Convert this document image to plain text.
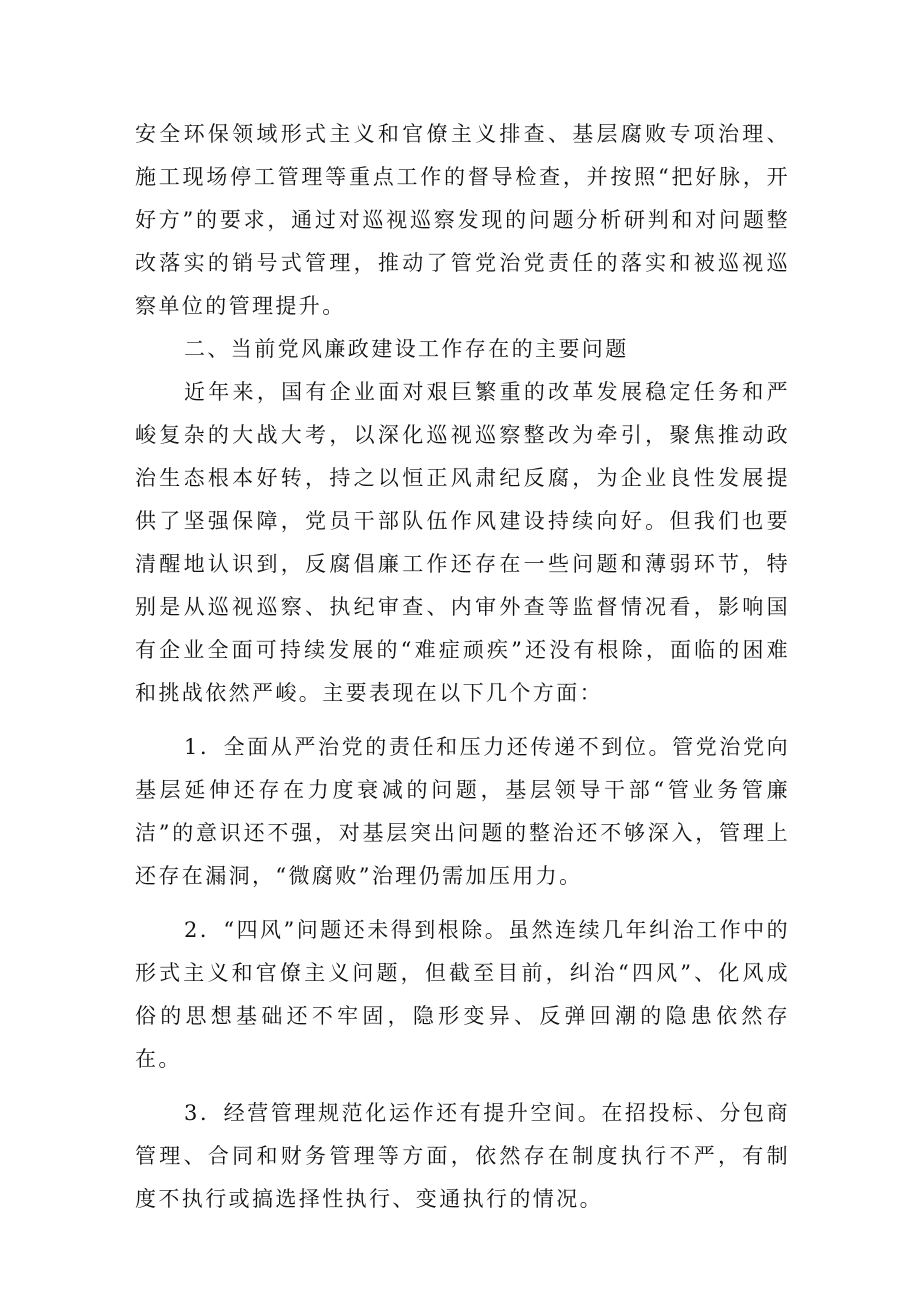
安全环保领域形式主义和官僚主义排查、基层腐败专项治理、施工现场停工管理等重点工作的督导检查，并按照“把好脉，开好方”的要求，通过对巡视巡察发现的问题分析研判和对问题整改落实的销号式管理，推动了管党治党责任的落实和被巡视巡察单位的管理提升。

二、当前党风廉政建设工作存在的主要问题

近年来，国有企业面对艰巨繁重的改革发展稳定任务和严峻复杂的大战大考，以深化巡视巡察整改为牵引，聚焦推动政治生态根本好转，持之以恒正风肃纪反腐，为企业良性发展提供了坚强保障，党员干部队伍作风建设持续向好。但我们也要清醒地认识到，反腐倡廉工作还存在一些问题和薄弱环节，特别是从巡视巡察、执纪审查、内审外查等监督情况看，影响国有企业全面可持续发展的“难症顽疾”还没有根除，面临的困难和挑战依然严峻。主要表现在以下几个方面：

1．全面从严治党的责任和压力还传递不到位。管党治党向基层延伸还存在力度衰减的问题，基层领导干部“管业务管廉洁”的意识还不强，对基层突出问题的整治还不够深入，管理上还存在漏洞，“微腐败”治理仍需加压用力。

2．“四风”问题还未得到根除。虽然连续几年纠治工作中的形式主义和官僚主义问题，但截至目前，纠治“四风”、化风成俗的思想基础还不牢固，隐形变异、反弹回潮的隐患依然存在。

3．经营管理规范化运作还有提升空间。在招投标、分包商管理、合同和财务管理等方面，依然存在制度执行不严，有制度不执行或搞选择性执行、变通执行的情况。
